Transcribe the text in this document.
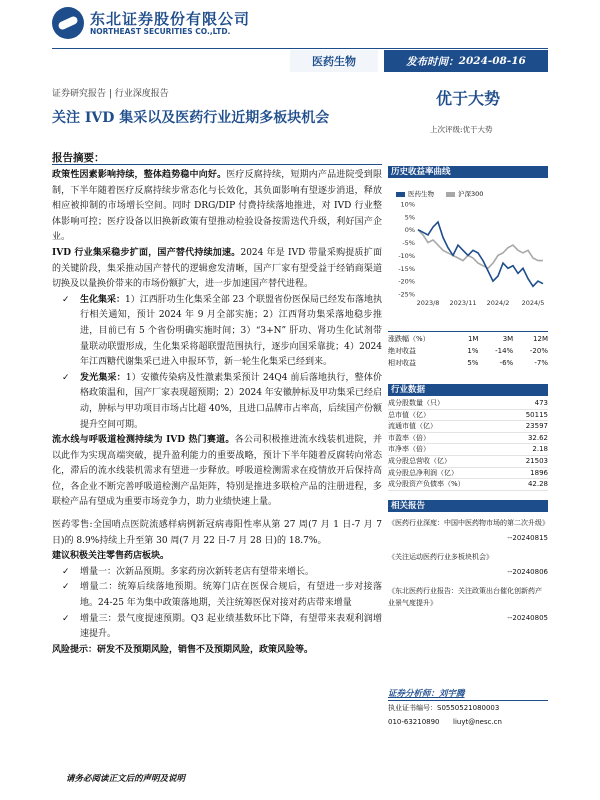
东北证券股份有限公司
NORTHEAST SECURITIES CO.,LTD.
医药生物	发布时间： 2024-08-16
证券研究报告 | 行业深度报告
关注 IVD 集采以及医药行业近期多板块机会
优于大势
上次评级:优于大势
报告摘要：

政策性因素影响持续，整体趋势稳中向好。医疗反腐持续，短期内产品进院受到限制，下半年随着医疗反腐持续步常态化与长效化，其负面影响有望逐步消退，释放相应被抑制的市场增长空间。同时 DRG/DIP 付费持续落地推进，对 IVD 行业整体影响可控；医疗设备以旧换新政策有望推动检验设备按需迭代升级，利好国产企业。

IVD 行业集采稳步扩面，国产替代持续加速。2024 年是 IVD 带量采购提质扩面的关键阶段，集采推动国产替代的逻辑愈发清晰，国产厂家有望受益于经销商渠道切换及以量换价带来的市场份额扩大，进一步加速国产替代进程。

✓ 生化集采：1）江西肝功生化集采全部 23 个联盟省份医保局已经发布落地执行相关通知，预计 2024 年 9 月全部实施；2）江西肾功集采落地稳步推进，目前已有 5 个省份明确实施时间；3）“3+N” 肝功、肾功生化试剂带量联动联盟形成，生化集采将超联盟范围执行，逐步向国采靠拢；4）2024 年江西糖代谢集采已进入申报环节，新一轮生化集采已经到来。

✓ 发光集采：1）安徽传染病及性激素集采预计 24Q4 前后落地执行，整体价格政策温和，国产厂家表现超预期；2）2024 年安徽肿标及甲功集采已经启动，肿标与甲功项目市场占比超 40%，且进口品牌市占率高，后续国产份额提升空间可期。

流水线与呼吸道检测持续为 IVD 热门赛道。各公司积极推进流水线装机进院，并以此作为实现高端突破，提升盈利能力的重要战略，预计下半年随着反腐转向常态化，滞后的流水线装机需求有望进一步释放。呼吸道检测需求在疫情放开后保持高位，各企业不断完善呼吸道检测产品矩阵，特别是推进多联检产品的注册进程，多联检产品有望成为重要市场竞争力，助力业绩快速上量。

医药零售:全国哨点医院流感样病例新冠病毒阳性率从第 27 周(7 月 1 日-7 月 7 日)的 8.9%持续上升至第 30 周(7 月 22 日-7 月 28 日)的 18.7%。

建议积极关注零售药店板块。

✓ 增量一：次新品预期。多家药房次新转老店有望带来增长。

✓ 增量二：统筹后续落地预期。统筹门店在医保合规后，有望进一步对接落地。24-25 年为集中政策落地期，关注统筹医保对接对药店带来增量

✓ 增量三：景气度提速预期。Q3 起业绩基数环比下降，有望带来表观利润增速提升。

风险提示：研发不及预期风险，销售不及预期风险，政策风险等。
请务必阅读正文后的声明及说明
历史收益率曲线
医药生物	沪深300
10%
5%
0%
-5%
-10%
-15%
-20%
-25%
2023/8 2023/11 2024/2 2024/5
涨跌幅（%）	1M	3M	12M
绝对收益	1%	-14%	-20%
相对收益	5%	-6%	-7%
行业数据
成分股数量（只）	473
总市值（亿）	50115
流通市值（亿）	23597
市盈率（倍）	32.62
市净率（倍）	2.18
成分股总营收（亿）	21503
成分股总净利润（亿）	1896
成分股资产负债率（%）	42.28
相关报告
《医药行业深度：中国中医药物市场的第二次升级》
--20240815
《关注运动医药行业多板块机会》
--20240806
《东北医药行业报告：关注政策出台催化创新药产业景气度提升》
--20240805
证券分析师：刘宇腾
执业证书编号：S0550521080003
010-63210890 liuyt@nesc.cn
